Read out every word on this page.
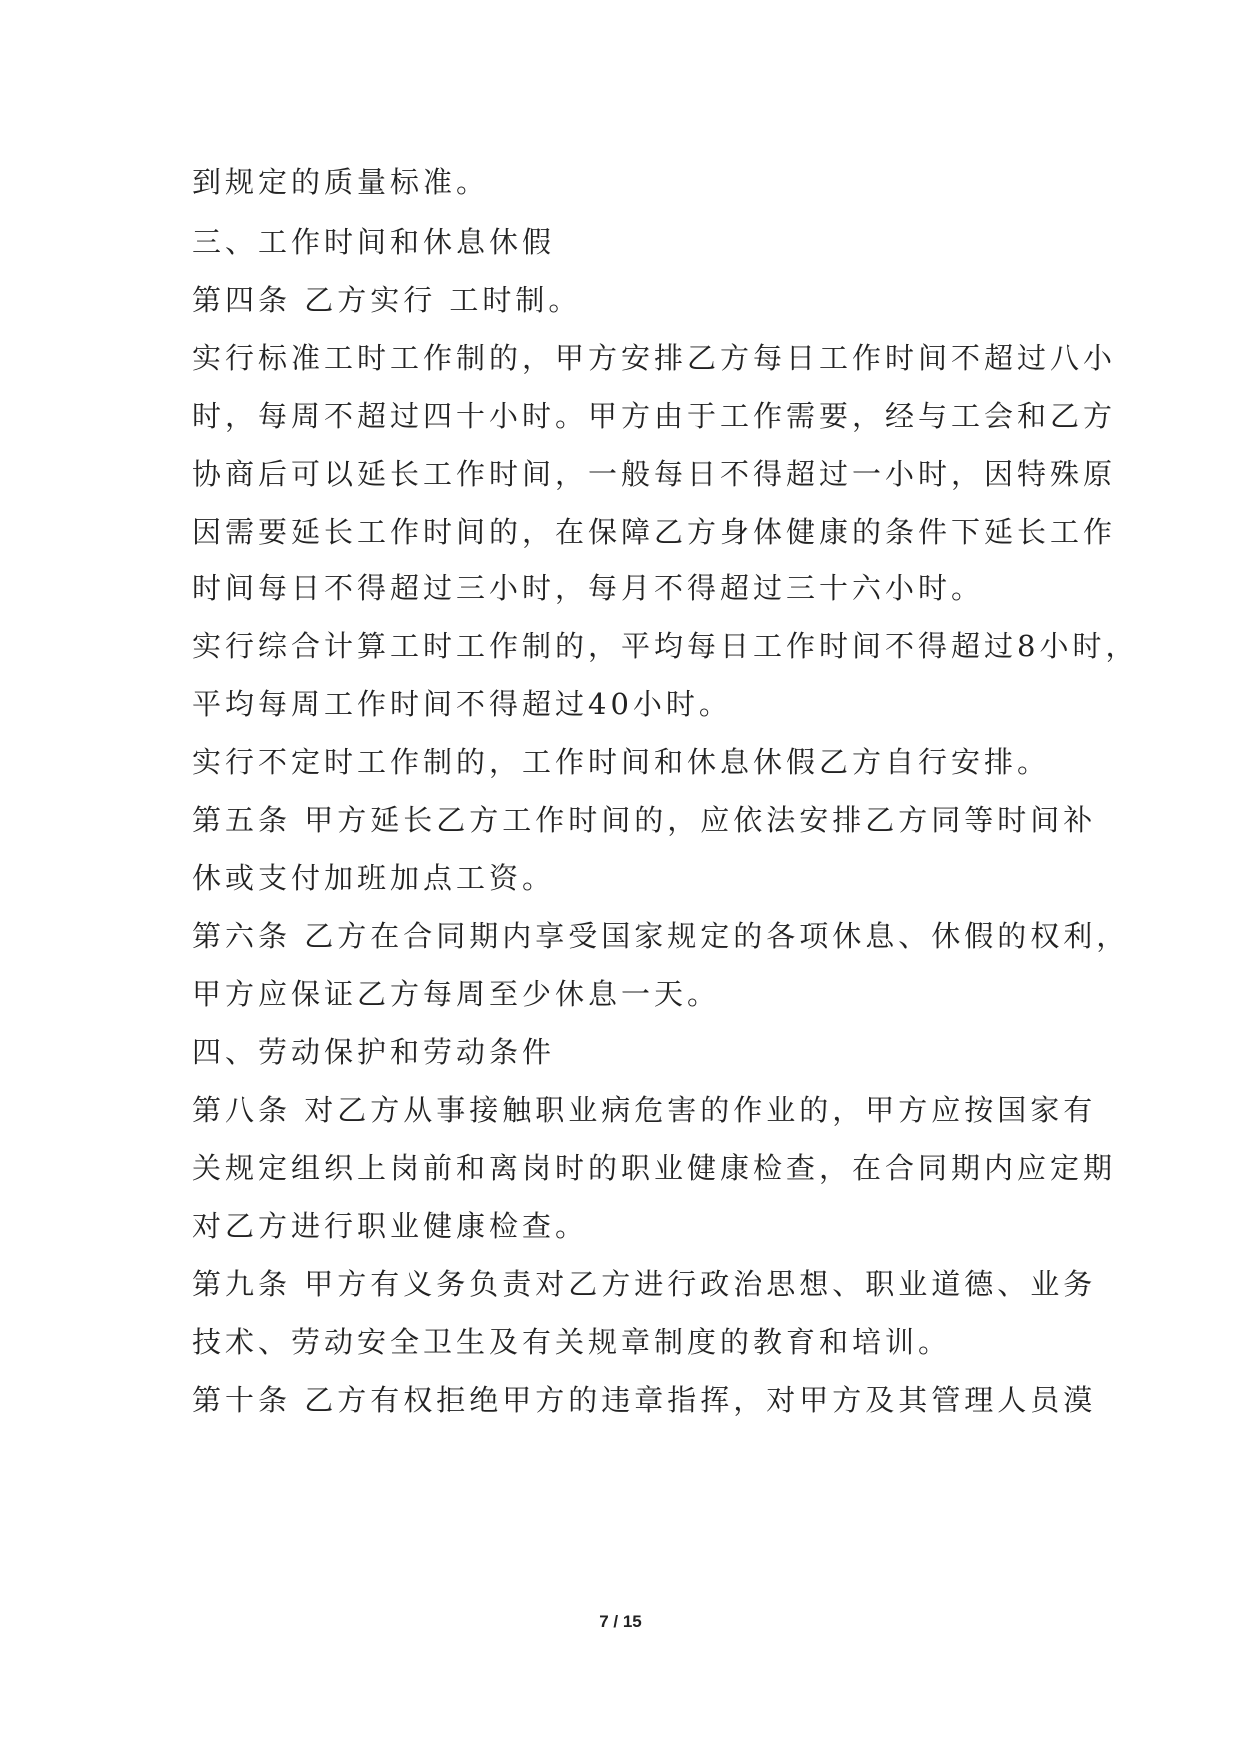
到规定的质量标准。
三、工作时间和休息休假
第四条 乙方实行 工时制。
实行标准工时工作制的，甲方安排乙方每日工作时间不超过八小
时，每周不超过四十小时。甲方由于工作需要，经与工会和乙方
协商后可以延长工作时间，一般每日不得超过一小时，因特殊原
因需要延长工作时间的，在保障乙方身体健康的条件下延长工作
时间每日不得超过三小时，每月不得超过三十六小时。
实行综合计算工时工作制的，平均每日工作时间不得超过8小时，
平均每周工作时间不得超过40小时。
实行不定时工作制的，工作时间和休息休假乙方自行安排。
第五条 甲方延长乙方工作时间的，应依法安排乙方同等时间补
休或支付加班加点工资。
第六条 乙方在合同期内享受国家规定的各项休息、休假的权利，
甲方应保证乙方每周至少休息一天。
四、劳动保护和劳动条件
第八条 对乙方从事接触职业病危害的作业的，甲方应按国家有
关规定组织上岗前和离岗时的职业健康检查，在合同期内应定期
对乙方进行职业健康检查。
第九条 甲方有义务负责对乙方进行政治思想、职业道德、业务
技术、劳动安全卫生及有关规章制度的教育和培训。
第十条 乙方有权拒绝甲方的违章指挥，对甲方及其管理人员漠
7 / 15
